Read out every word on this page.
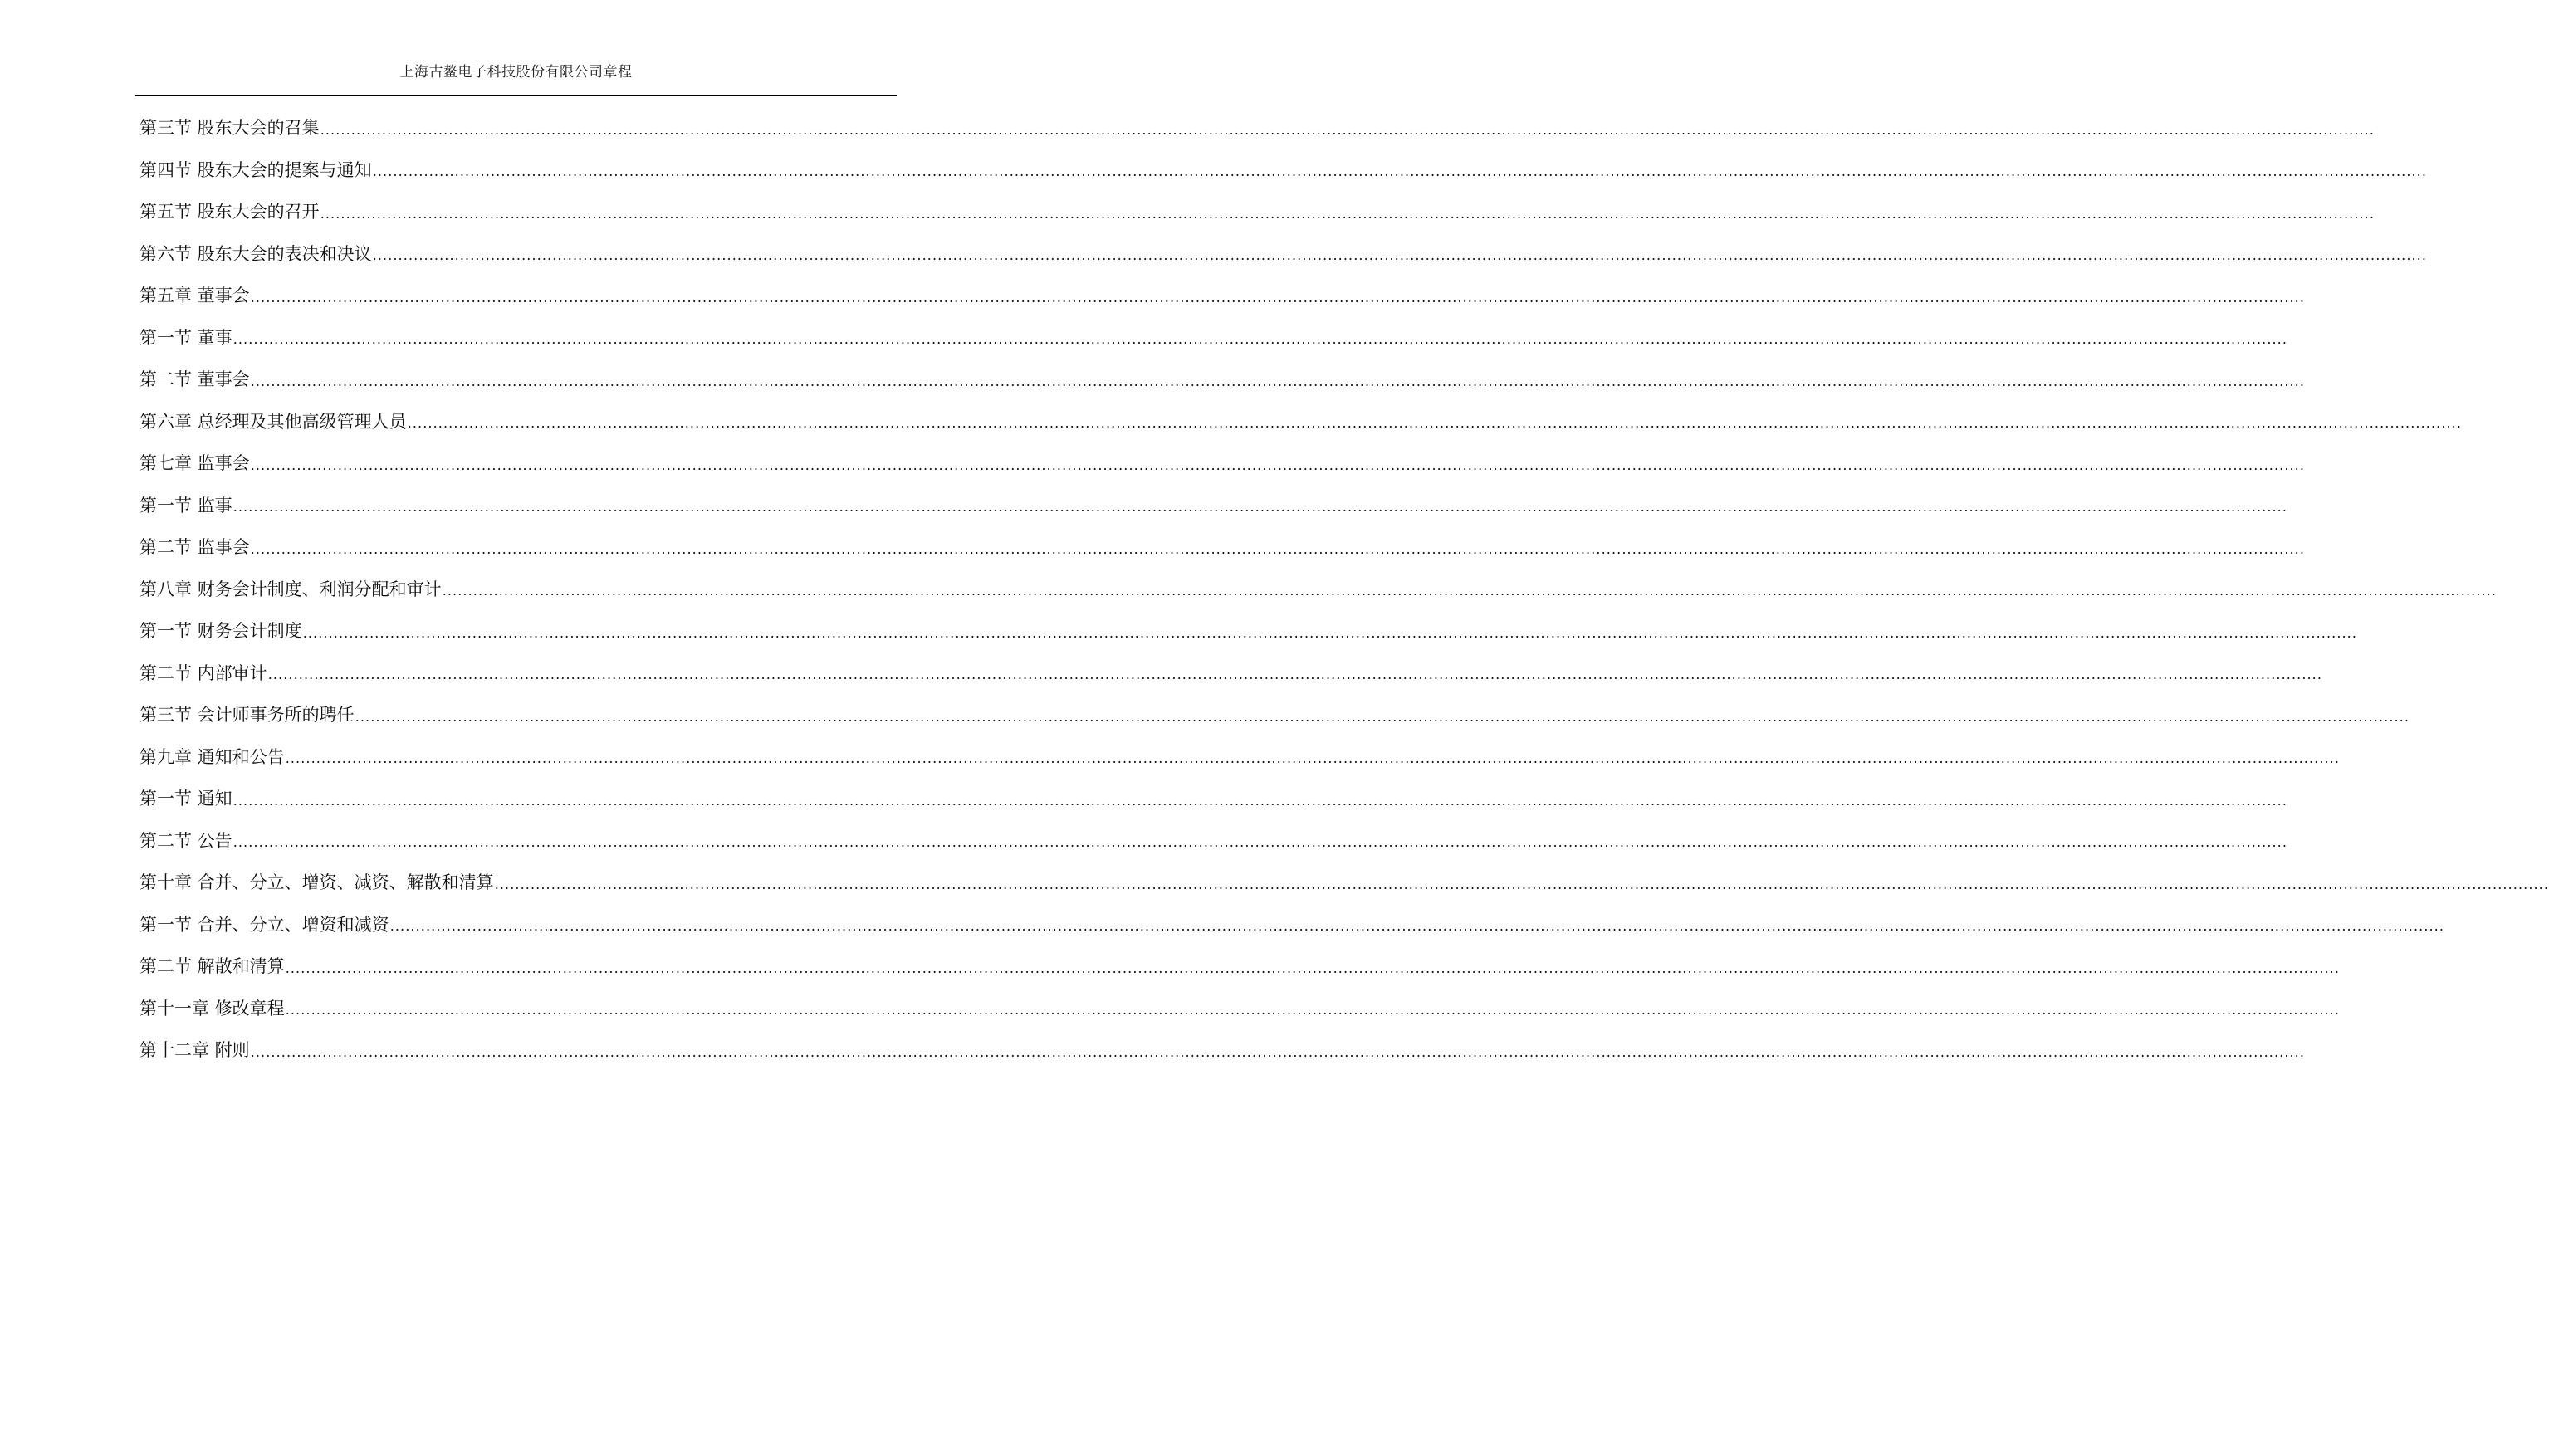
上海古鳌电子科技股份有限公司章程
第三节 股东大会的召集 ................................................................................................................................................................................................................................................................................................................................................................................................................
第四节 股东大会的提案与通知 ................................................................................................................................................................................................................................................................................................................................................................................................................
第五节 股东大会的召开 ................................................................................................................................................................................................................................................................................................................................................................................................................
第六节 股东大会的表决和决议 ................................................................................................................................................................................................................................................................................................................................................................................................................
第五章 董事会 ................................................................................................................................................................................................................................................................................................................................................................................................................
第一节 董事 ................................................................................................................................................................................................................................................................................................................................................................................................................
第二节 董事会 ................................................................................................................................................................................................................................................................................................................................................................................................................
第六章 总经理及其他高级管理人员 ................................................................................................................................................................................................................................................................................................................................................................................................................
第七章 监事会 ................................................................................................................................................................................................................................................................................................................................................................................................................
第一节 监事 ................................................................................................................................................................................................................................................................................................................................................................................................................
第二节 监事会 ................................................................................................................................................................................................................................................................................................................................................................................................................
第八章 财务会计制度、利润分配和审计 ................................................................................................................................................................................................................................................................................................................................................................................................................
第一节 财务会计制度 ................................................................................................................................................................................................................................................................................................................................................................................................................
第二节 内部审计 ................................................................................................................................................................................................................................................................................................................................................................................................................
第三节 会计师事务所的聘任 ................................................................................................................................................................................................................................................................................................................................................................................................................
第九章 通知和公告 ................................................................................................................................................................................................................................................................................................................................................................................................................
第一节 通知 ................................................................................................................................................................................................................................................................................................................................................................................................................
第二节 公告 ................................................................................................................................................................................................................................................................................................................................................................................................................
第十章 合并、分立、增资、减资、解散和清算 ................................................................................................................................................................................................................................................................................................................................................................................................................
第一节 合并、分立、增资和减资 ................................................................................................................................................................................................................................................................................................................................................................................................................
第二节 解散和清算 ................................................................................................................................................................................................................................................................................................................................................................................................................
第十一章 修改章程 ................................................................................................................................................................................................................................................................................................................................................................................................................
第十二章 附则 ................................................................................................................................................................................................................................................................................................................................................................................................................
